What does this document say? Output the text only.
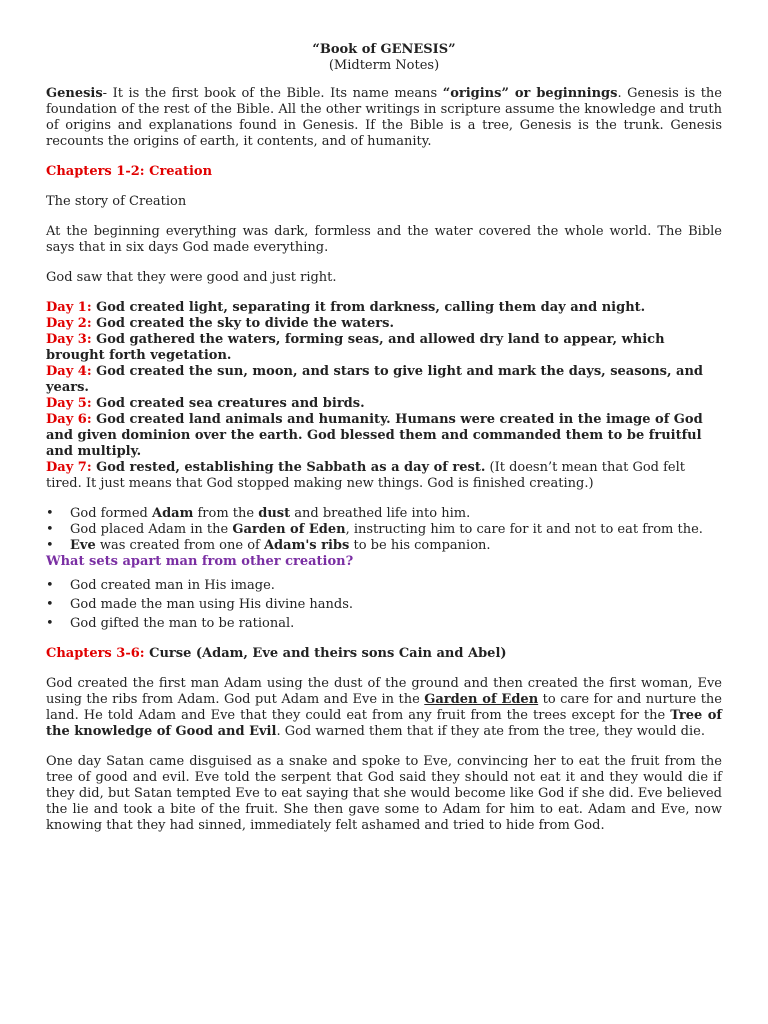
“Book of GENESIS”
(Midterm Notes)

Genesis- It is the first book of the Bible. Its name means “origins” or beginnings. Genesis is the foundation of the rest of the Bible. All the other writings in scripture assume the knowledge and truth of origins and explanations found in Genesis. If the Bible is a tree, Genesis is the trunk. Genesis recounts the origins of earth, it contents, and of humanity.

Chapters 1-2: Creation

The story of Creation

At the beginning everything was dark, formless and the water covered the whole world. The Bible says that in six days God made everything.

God saw that they were good and just right.

Day 1: God created light, separating it from darkness, calling them day and night.
Day 2: God created the sky to divide the waters.
Day 3: God gathered the waters, forming seas, and allowed dry land to appear, which brought forth vegetation.
Day 4: God created the sun, moon, and stars to give light and mark the days, seasons, and years.
Day 5: God created sea creatures and birds.
Day 6: God created land animals and humanity. Humans were created in the image of God and given dominion over the earth. God blessed them and commanded them to be fruitful and multiply.
Day 7: God rested, establishing the Sabbath as a day of rest. (It doesn’t mean that God felt tired. It just means that God stopped making new things. God is finished creating.)
• God formed Adam from the dust and breathed life into him.
• God placed Adam in the Garden of Eden, instructing him to care for it and not to eat from the.
• Eve was created from one of Adam's ribs to be his companion.
What sets apart man from other creation?
• God created man in His image.
• God made the man using His divine hands.
• God gifted the man to be rational.
Chapters 3-6: Curse (Adam, Eve and theirs sons Cain and Abel)

God created the first man Adam using the dust of the ground and then created the first woman, Eve using the ribs from Adam. God put Adam and Eve in the Garden of Eden to care for and nurture the land. He told Adam and Eve that they could eat from any fruit from the trees except for the Tree of the knowledge of Good and Evil. God warned them that if they ate from the tree, they would die.

One day Satan came disguised as a snake and spoke to Eve, convincing her to eat the fruit from the tree of good and evil. Eve told the serpent that God said they should not eat it and they would die if they did, but Satan tempted Eve to eat saying that she would become like God if she did. Eve believed the lie and took a bite of the fruit. She then gave some to Adam for him to eat. Adam and Eve, now knowing that they had sinned, immediately felt ashamed and tried to hide from God.
